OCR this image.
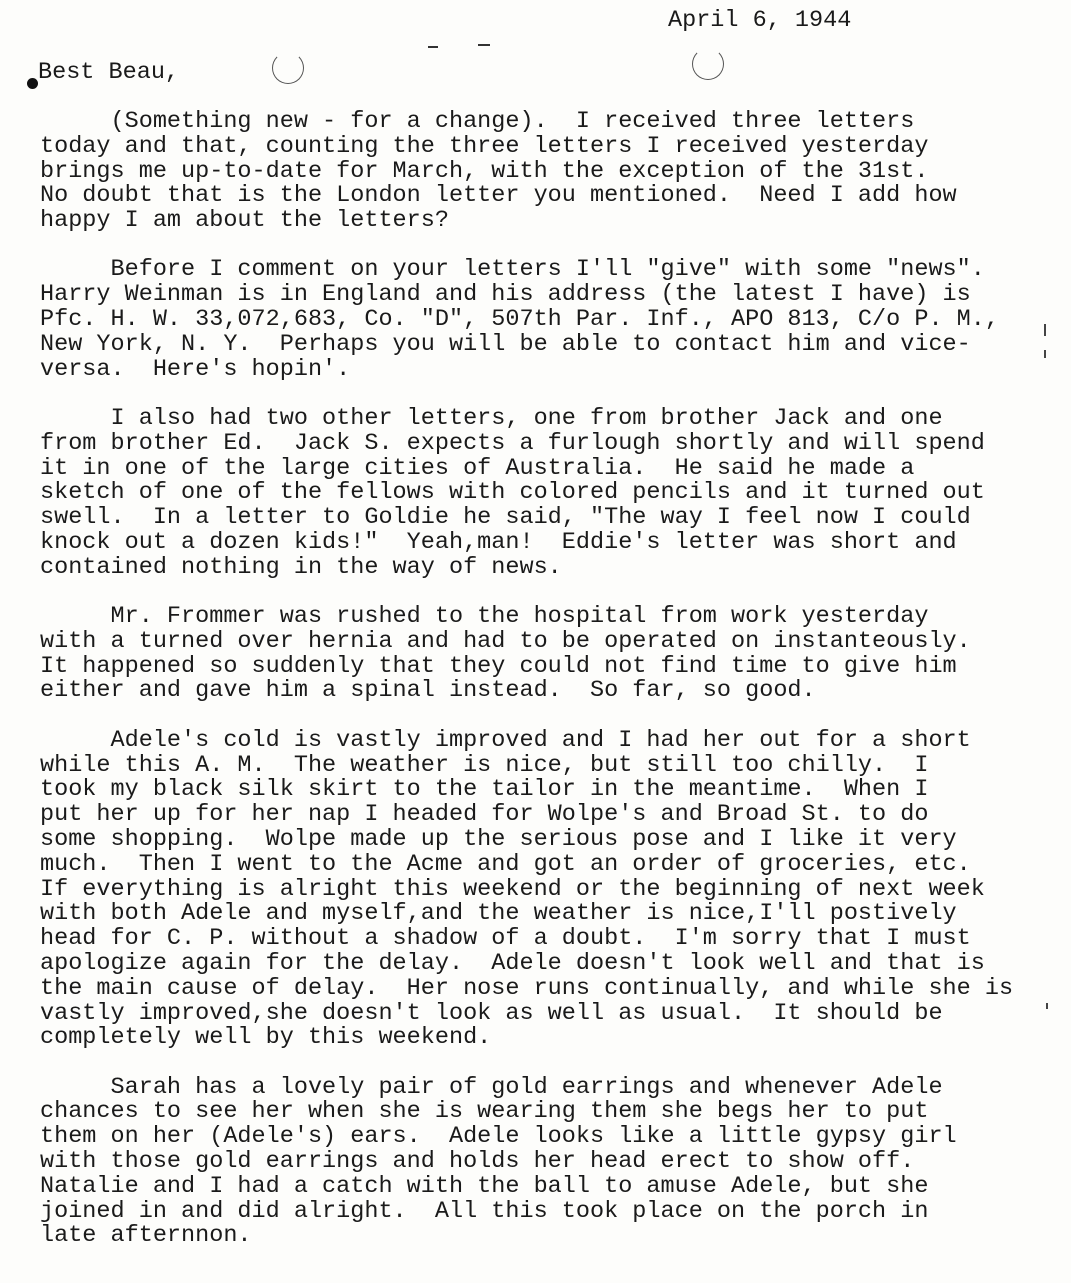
April 6, 1944
Best Beau,
(Something new - for a change).  I received three letters
today and that, counting the three letters I received yesterday
brings me up-to-date for March, with the exception of the 31st.
No doubt that is the London letter you mentioned.  Need I add how
happy I am about the letters?
Before I comment on your letters I'll "give" with some "news".
Harry Weinman is in England and his address (the latest I have) is
Pfc. H. W. 33,072,683, Co. "D", 507th Par. Inf., APO 813, C/o P. M.,
New York, N. Y.  Perhaps you will be able to contact him and vice-
versa.  Here's hopin'.
I also had two other letters, one from brother Jack and one
from brother Ed.  Jack S. expects a furlough shortly and will spend
it in one of the large cities of Australia.  He said he made a
sketch of one of the fellows with colored pencils and it turned out
swell.  In a letter to Goldie he said, "The way I feel now I could
knock out a dozen kids!"  Yeah,man!  Eddie's letter was short and
contained nothing in the way of news.
Mr. Frommer was rushed to the hospital from work yesterday
with a turned over hernia and had to be operated on instanteously.
It happened so suddenly that they could not find time to give him
either and gave him a spinal instead.  So far, so good.
Adele's cold is vastly improved and I had her out for a short
while this A. M.  The weather is nice, but still too chilly.  I
took my black silk skirt to the tailor in the meantime.  When I
put her up for her nap I headed for Wolpe's and Broad St. to do
some shopping.  Wolpe made up the serious pose and I like it very
much.  Then I went to the Acme and got an order of groceries, etc.
If everything is alright this weekend or the beginning of next week
with both Adele and myself,and the weather is nice,I'll postively
head for C. P. without a shadow of a doubt.  I'm sorry that I must
apologize again for the delay.  Adele doesn't look well and that is
the main cause of delay.  Her nose runs continually, and while she is
vastly improved,she doesn't look as well as usual.  It should be
completely well by this weekend.
Sarah has a lovely pair of gold earrings and whenever Adele
chances to see her when she is wearing them she begs her to put
them on her (Adele's) ears.  Adele looks like a little gypsy girl
with those gold earrings and holds her head erect to show off.
Natalie and I had a catch with the ball to amuse Adele, but she
joined in and did alright.  All this took place on the porch in
late afternnon.
